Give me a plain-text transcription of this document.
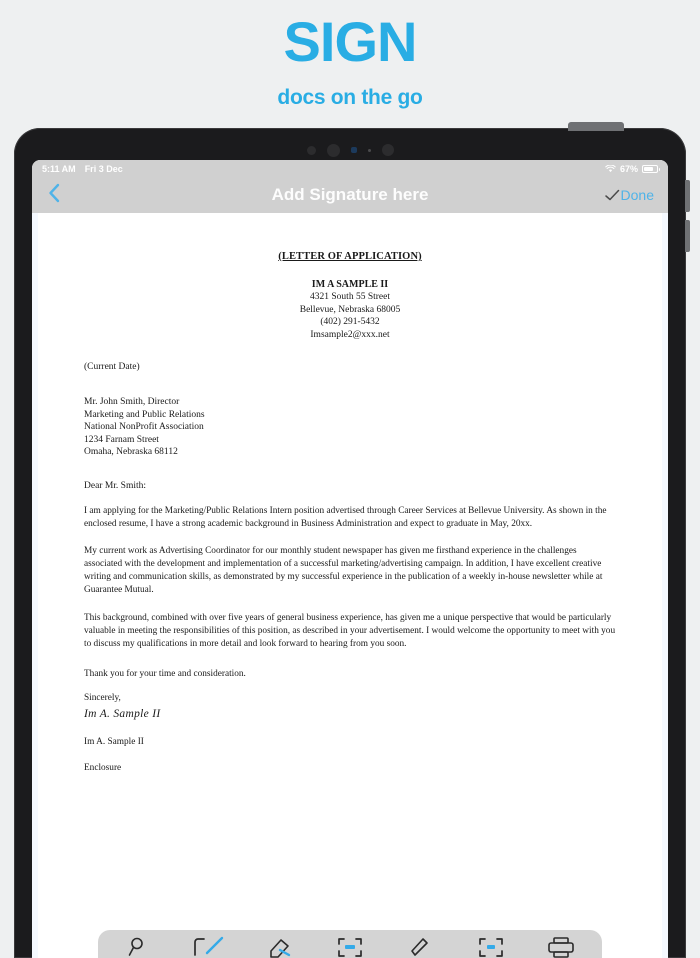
SIGN
docs on the go
5:11 AM Fri 3 Dec	67%
Add Signature here	Done
(LETTER OF APPLICATION)
IM A SAMPLE II
4321 South 55 Street
Bellevue, Nebraska 68005
(402) 291-5432
Imsample2@xxx.net
(Current Date)
Mr. John Smith, Director
Marketing and Public Relations
National NonProfit Association
1234 Farnam Street
Omaha, Nebraska 68112
Dear Mr. Smith:
I am applying for the Marketing/Public Relations Intern position advertised through Career Services at Bellevue University. As shown in the enclosed resume, I have a strong academic background in Business Administration and expect to graduate in May, 20xx.
My current work as Advertising Coordinator for our monthly student newspaper has given me firsthand experience in the challenges associated with the development and implementation of a successful marketing/advertising campaign. In addition, I have excellent creative writing and communication skills, as demonstrated by my successful experience in the publication of a weekly in-house newsletter while at Guarantee Mutual.
This background, combined with over five years of general business experience, has given me a unique perspective that would be particularly valuable in meeting the responsibilities of this position, as described in your advertisement. I would welcome the opportunity to meet with you to discuss my qualifications in more detail and look forward to hearing from you soon.
Thank you for your time and consideration.
Sincerely,
Im A. Sample II
Im A. Sample II
Enclosure
